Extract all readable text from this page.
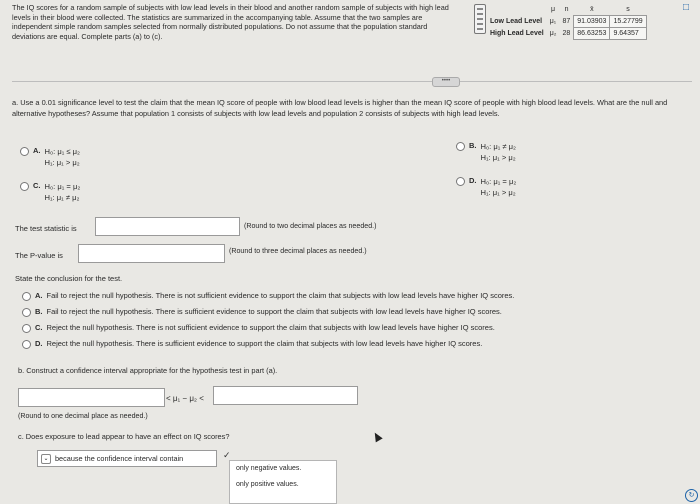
The IQ scores for a random sample of subjects with low lead levels in their blood and another random sample of subjects with high lead levels in their blood were collected. The statistics are summarized in the accompanying table. Assume that the two samples are independent simple random samples selected from normally distributed populations. Do not assume that the population standard deviations are equal. Complete parts (a) to (c).
	μ	n	x̄	s
Low Lead Level	μ₁	87	91.03903	15.27799
High Lead Level	μ₂	28	86.63253	9.64357
□
••••
a. Use a 0.01 significance level to test the claim that the mean IQ score of people with low blood lead levels is higher than the mean IQ score of people with high blood lead levels. What are the null and alternative hypotheses? Assume that population 1 consists of subjects with low lead levels and population 2 consists of subjects with high lead levels.
A. H₀: μ₁ ≤ μ₂
H₁: μ₁ > μ₂
B. H₀: μ₁ ≠ μ₂
H₁: μ₁ > μ₂
C. H₀: μ₁ = μ₂
H₁: μ₁ ≠ μ₂
D. H₀: μ₁ = μ₂
H₁: μ₁ > μ₂
The test statistic is	(Round to two decimal places as needed.)
The P-value is	(Round to three decimal places as needed.)
State the conclusion for the test.
A. Fail to reject the null hypothesis. There is not sufficient evidence to support the claim that subjects with low lead levels have higher IQ scores.
B. Fail to reject the null hypothesis. There is sufficient evidence to support the claim that subjects with low lead levels have higher IQ scores.
C. Reject the null hypothesis. There is not sufficient evidence to support the claim that subjects with low lead levels have higher IQ scores.
D. Reject the null hypothesis. There is sufficient evidence to support the claim that subjects with low lead levels have higher IQ scores.
b. Construct a confidence interval appropriate for the hypothesis test in part (a).
< μ₁ − μ₂ <
(Round to one decimal place as needed.)
c. Does exposure to lead appear to have an effect on IQ scores?
⌄ because the confidence interval contain	✓
only negative values.
only positive values.
↻
